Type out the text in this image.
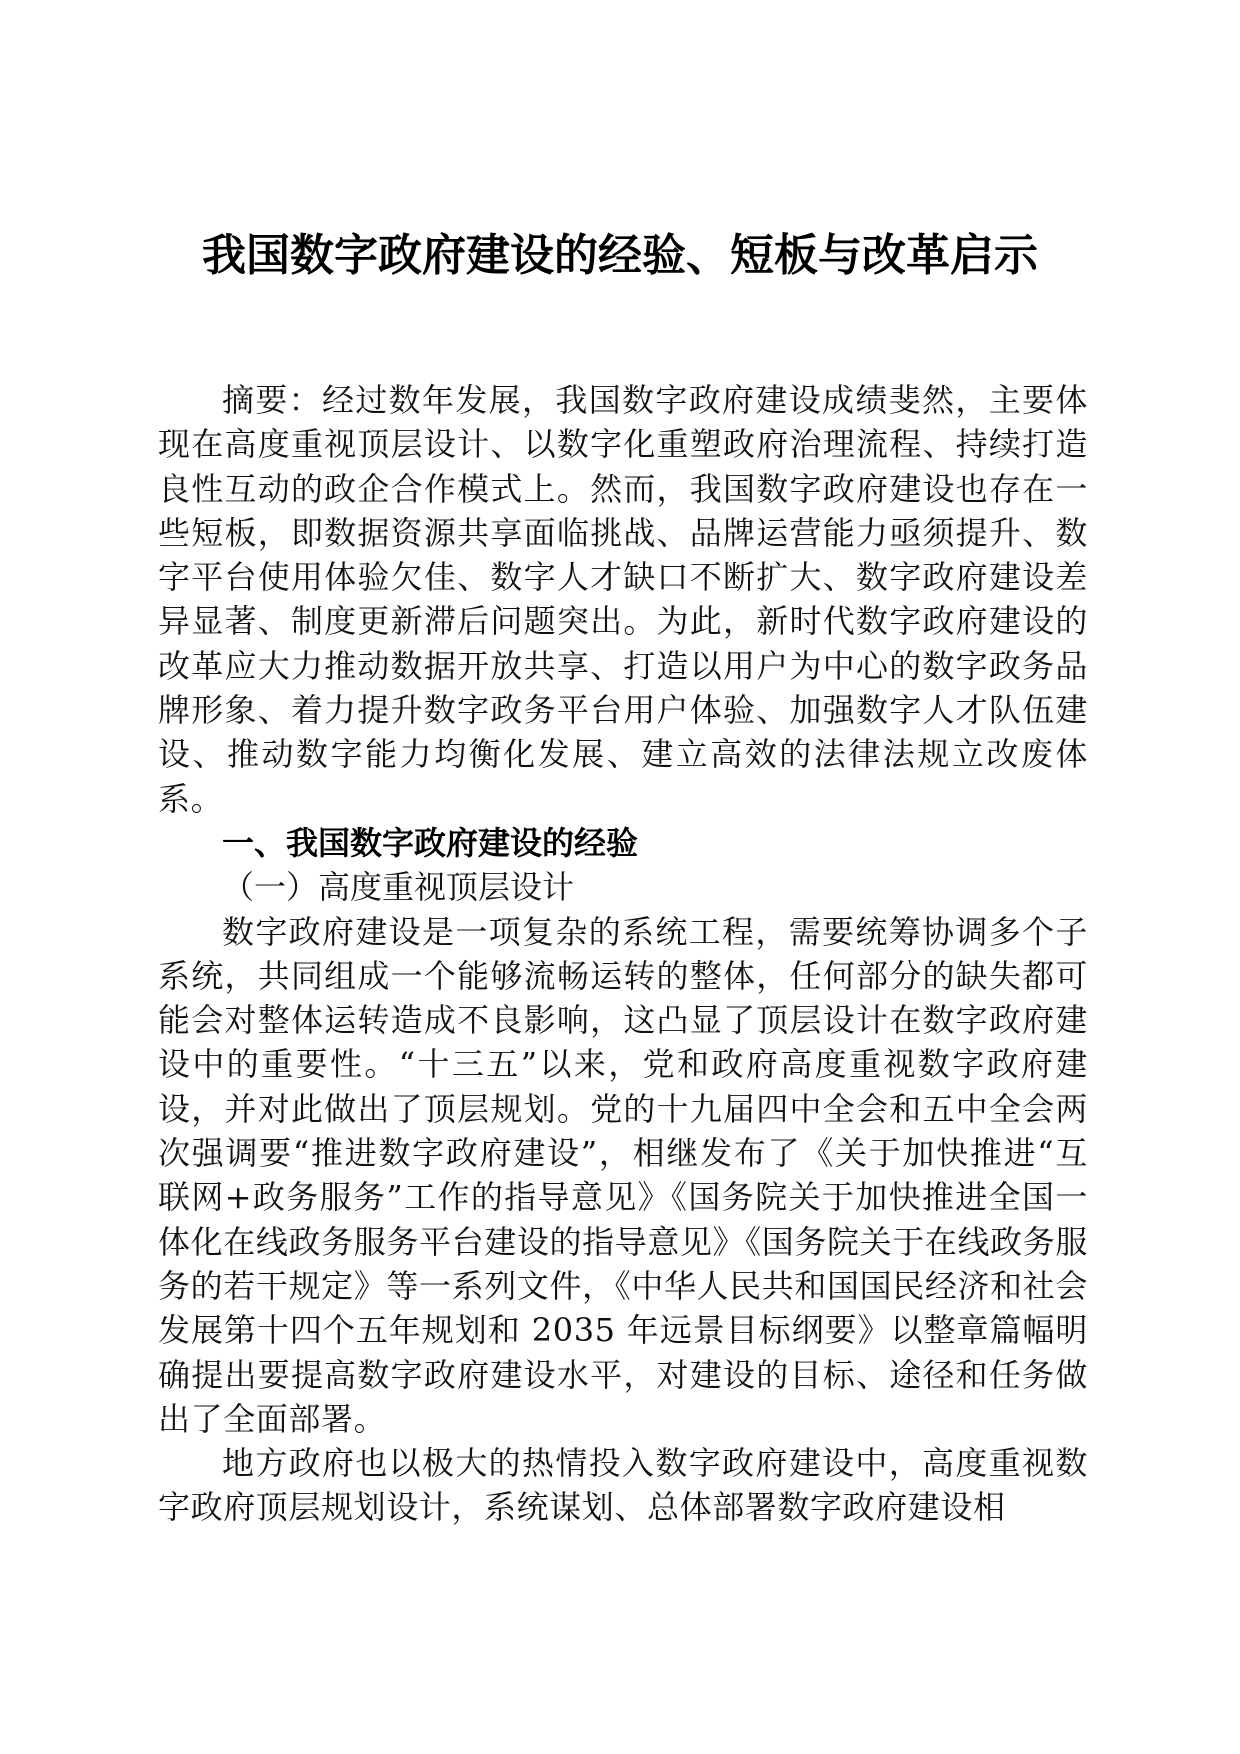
我国数字政府建设的经验、短板与改革启示

摘要：经过数年发展，我国数字政府建设成绩斐然，主要体现在高度重视顶层设计、以数字化重塑政府治理流程、持续打造良性互动的政企合作模式上。然而，我国数字政府建设也存在一些短板，即数据资源共享面临挑战、品牌运营能力亟须提升、数字平台使用体验欠佳、数字人才缺口不断扩大、数字政府建设差异显著、制度更新滞后问题突出。为此，新时代数字政府建设的改革应大力推动数据开放共享、打造以用户为中心的数字政务品牌形象、着力提升数字政务平台用户体验、加强数字人才队伍建设、推动数字能力均衡化发展、建立高效的法律法规立改废体系。

一、我国数字政府建设的经验

（一）高度重视顶层设计

数字政府建设是一项复杂的系统工程，需要统筹协调多个子系统，共同组成一个能够流畅运转的整体，任何部分的缺失都可能会对整体运转造成不良影响，这凸显了顶层设计在数字政府建设中的重要性。“十三五”以来，党和政府高度重视数字政府建设，并对此做出了顶层规划。党的十九届四中全会和五中全会两次强调要“推进数字政府建设”，相继发布了《关于加快推进“互联网+政务服务”工作的指导意见》《国务院关于加快推进全国一体化在线政务服务平台建设的指导意见》《国务院关于在线政务服务的若干规定》等一系列文件，《中华人民共和国国民经济和社会发展第十四个五年规划和 2035 年远景目标纲要》以整章篇幅明确提出要提高数字政府建设水平，对建设的目标、途径和任务做出了全面部署。

地方政府也以极大的热情投入数字政府建设中，高度重视数字政府顶层规划设计，系统谋划、总体部署数字政府建设相
